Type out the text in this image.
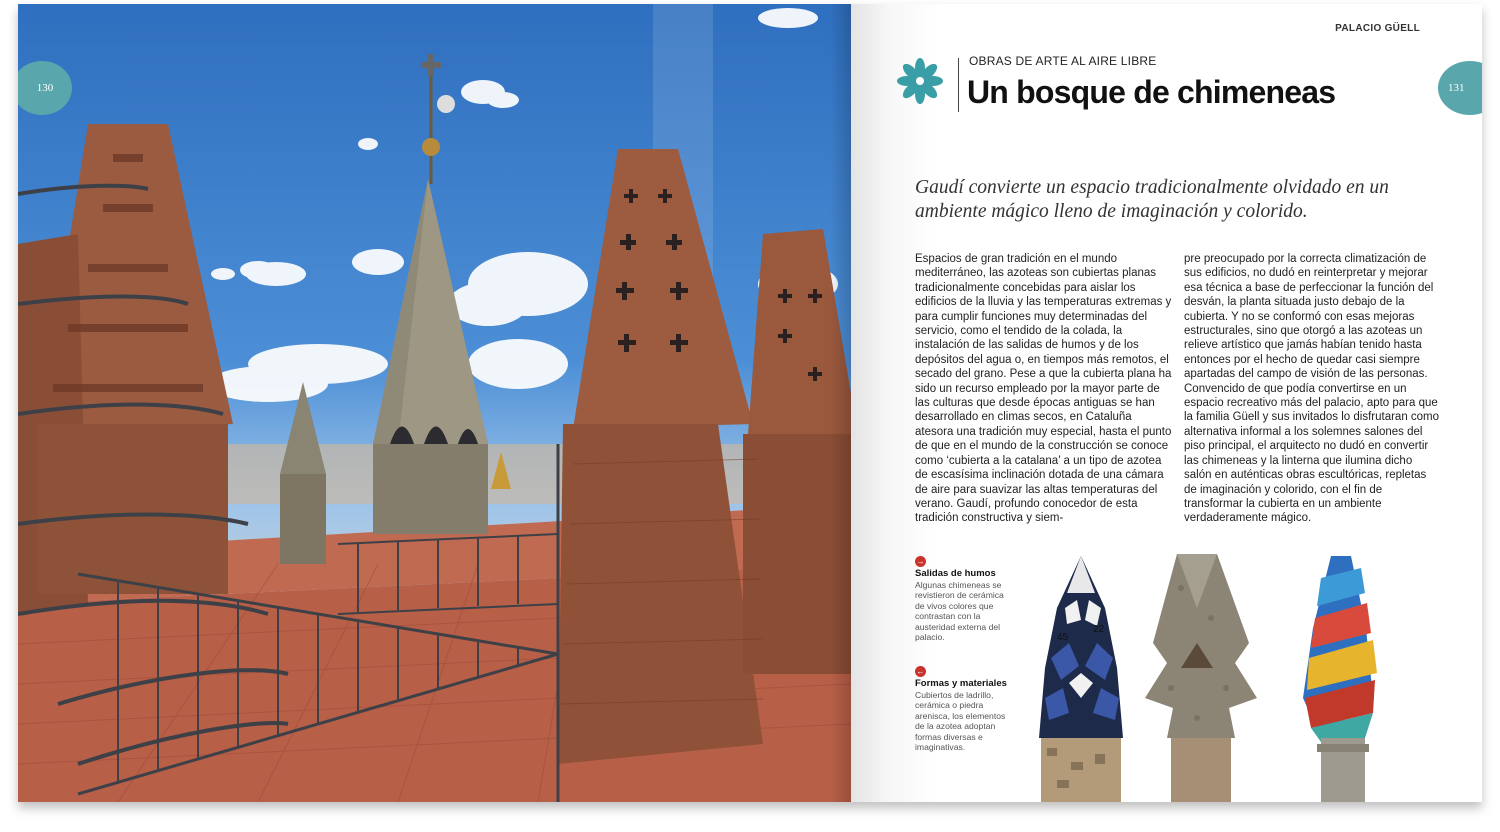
130
PALACIO GÜELL
131
OBRAS DE ARTE AL AIRE LIBRE
Un bosque de chimeneas
Gaudí convierte un espacio tradicionalmente olvidado en un ambiente mágico lleno de imaginación y colorido.
Espacios de gran tradición en el mundo mediterráneo, las azoteas son cubiertas planas tradicionalmente concebidas para aislar los edificios de la lluvia y las temperaturas extremas y para cumplir funciones muy determinadas del servicio, como el tendido de la colada, la instalación de las salidas de humos y de los depósitos del agua o, en tiempos más remotos, el secado del grano. Pese a que la cubierta plana ha sido un recurso empleado por la mayor parte de las culturas que desde épocas antiguas se han desarrollado en climas secos, en Cataluña atesora una tradición muy especial, hasta el punto de que en el mundo de la construcción se conoce como ‘cubierta a la catalana’ a un tipo de azotea de escasísima inclinación dotada de una cámara de aire para suavizar las altas temperaturas del verano. Gaudí, profundo conocedor de esta tradición constructiva y siem-
pre preocupado por la correcta climatización de sus edificios, no dudó en reinterpretar y mejorar esa técnica a base de perfeccionar la función del desván, la planta situada justo debajo de la cubierta. Y no se conformó con esas mejoras estructurales, sino que otorgó a las azoteas un relieve artístico que jamás habían tenido hasta entonces por el hecho de quedar casi siempre apartadas del campo de visión de las personas. Convencido de que podía convertirse en un espacio recreativo más del palacio, apto para que la familia Güell y sus invitados lo disfrutaran como alternativa informal a los solemnes salones del piso principal, el arquitecto no dudó en convertir las chimeneas y la linterna que ilumina dicho salón en auténticas obras escultóricas, repletas de imaginación y colorido, con el fin de transformar la cubierta en un ambiente verdaderamente mágico.
→
Salidas de humos
Algunas chimeneas se revistieron de cerámica de vivos colores que contrastan con la austeridad externa del palacio.
←
Formas y materiales
Cubiertos de ladrillo, cerámica o piedra arenisca, los elementos de la azotea adoptan formas diversas e imaginativas.
45
22
